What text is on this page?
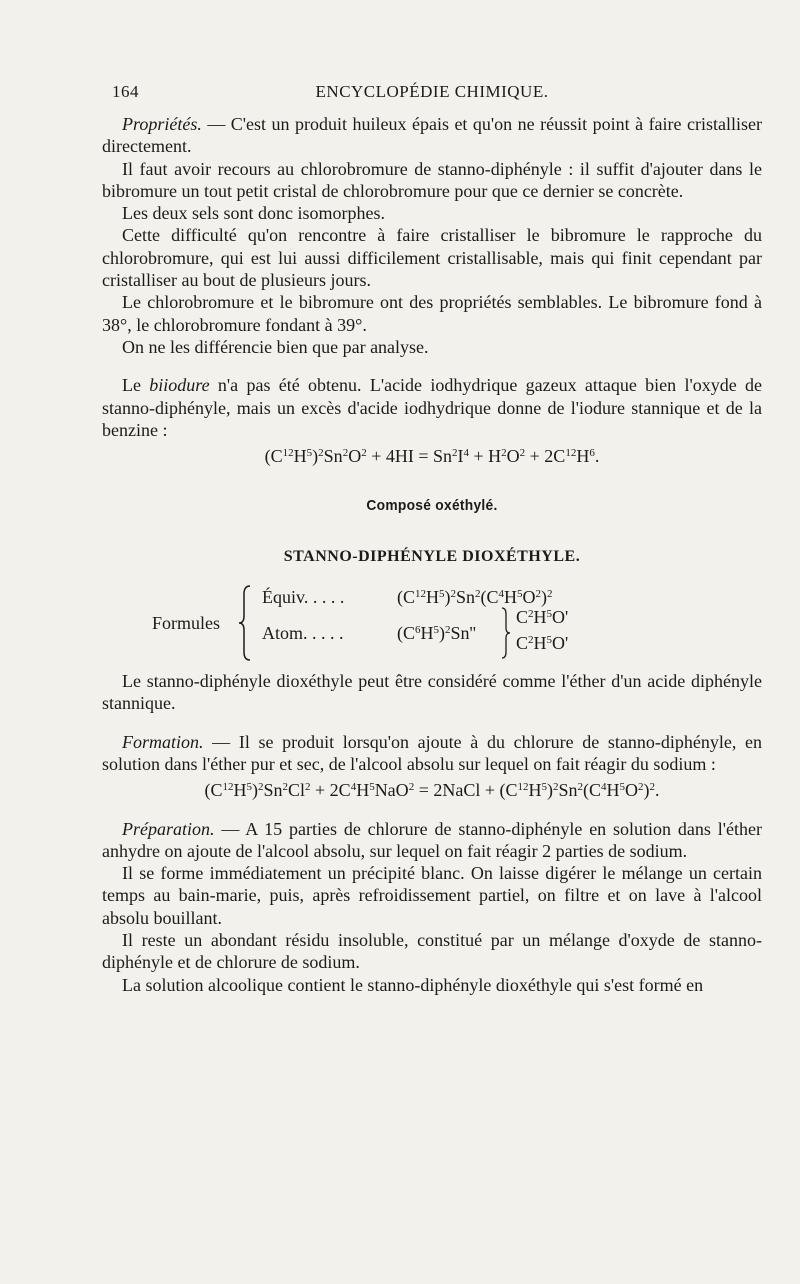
164	ENCYCLOPÉDIE CHIMIQUE.

Propriétés. — C'est un produit huileux épais et qu'on ne réussit point à faire cristalliser directement.

Il faut avoir recours au chlorobromure de stanno-diphényle : il suffit d'ajouter dans le bibromure un tout petit cristal de chlorobromure pour que ce dernier se concrète.

Les deux sels sont donc isomorphes.

Cette difficulté qu'on rencontre à faire cristalliser le bibromure le rapproche du chlorobromure, qui est lui aussi difficilement cristallisable, mais qui finit cependant par cristalliser au bout de plusieurs jours.

Le chlorobromure et le bibromure ont des propriétés semblables. Le bibromure fond à 38°, le chlorobromure fondant à 39°.

On ne les différencie bien que par analyse.

Le biiodure n'a pas été obtenu. L'acide iodhydrique gazeux attaque bien l'oxyde de stanno-diphényle, mais un excès d'acide iodhydrique donne de l'iodure stannique et de la benzine :

$(C^{12}H^5)^2Sn^2O^2 + 4HI = Sn^2I^4 + H^2O^2 + 2C^{12}H^6$.
Composé oxéthylé.
STANNO-DIPHÉNYLE DIOXÉTHYLE.
Formules
Équiv. . . . .	$(C^{12}H^5)^2Sn^2(C^4H^5O^2)^2$
Atom. . . . .	$(C^6H^5)^2Sn''$
$C^2H^5O'$
$C^2H^5O'$

Le stanno-diphényle dioxéthyle peut être considéré comme l'éther d'un acide diphényle stannique.

Formation. — Il se produit lorsqu'on ajoute à du chlorure de stanno-diphényle, en solution dans l'éther pur et sec, de l'alcool absolu sur lequel on fait réagir du sodium :

$(C^{12}H^5)^2Sn^2Cl^2 + 2C^4H^5NaO^2$ = 2NaCl + $(C^{12}H^5)^2Sn^2(C^4H^5O^2)^2$.

Préparation. — A 15 parties de chlorure de stanno-diphényle en solution dans l'éther anhydre on ajoute de l'alcool absolu, sur lequel on fait réagir 2 parties de sodium.

Il se forme immédiatement un précipité blanc. On laisse digérer le mélange un certain temps au bain-marie, puis, après refroidissement partiel, on filtre et on lave à l'alcool absolu bouillant.

Il reste un abondant résidu insoluble, constitué par un mélange d'oxyde de stanno-diphényle et de chlorure de sodium.

La solution alcoolique contient le stanno-diphényle dioxéthyle qui s'est formé en
